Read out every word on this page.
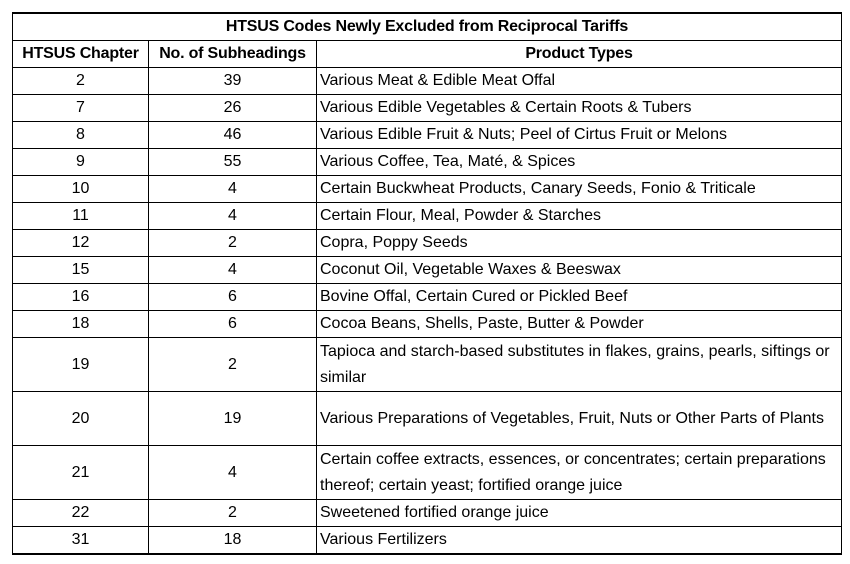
HTSUS Codes Newly Excluded from Reciprocal Tariffs		
HTSUS Chapter	No. of Subheadings	Product Types
2	39	Various Meat & Edible Meat Offal
7	26	Various Edible Vegetables & Certain Roots & Tubers
8	46	Various Edible Fruit & Nuts; Peel of Cirtus Fruit or Melons
9	55	Various Coffee, Tea, Maté, & Spices
10	4	Certain Buckwheat Products, Canary Seeds, Fonio & Triticale
11	4	Certain Flour, Meal, Powder & Starches
12	2	Copra, Poppy Seeds
15	4	Coconut Oil, Vegetable Waxes & Beeswax
16	6	Bovine Offal, Certain Cured or Pickled Beef
18	6	Cocoa Beans, Shells, Paste, Butter & Powder
19	2	Tapioca and starch-based substitutes in flakes, grains, pearls, siftings or similar
20	19	Various Preparations of Vegetables, Fruit, Nuts or Other Parts of Plants
21	4	Certain coffee extracts, essences, or concentrates; certain preparations thereof; certain yeast; fortified orange juice
22	2	Sweetened fortified orange juice
31	18	Various Fertilizers
